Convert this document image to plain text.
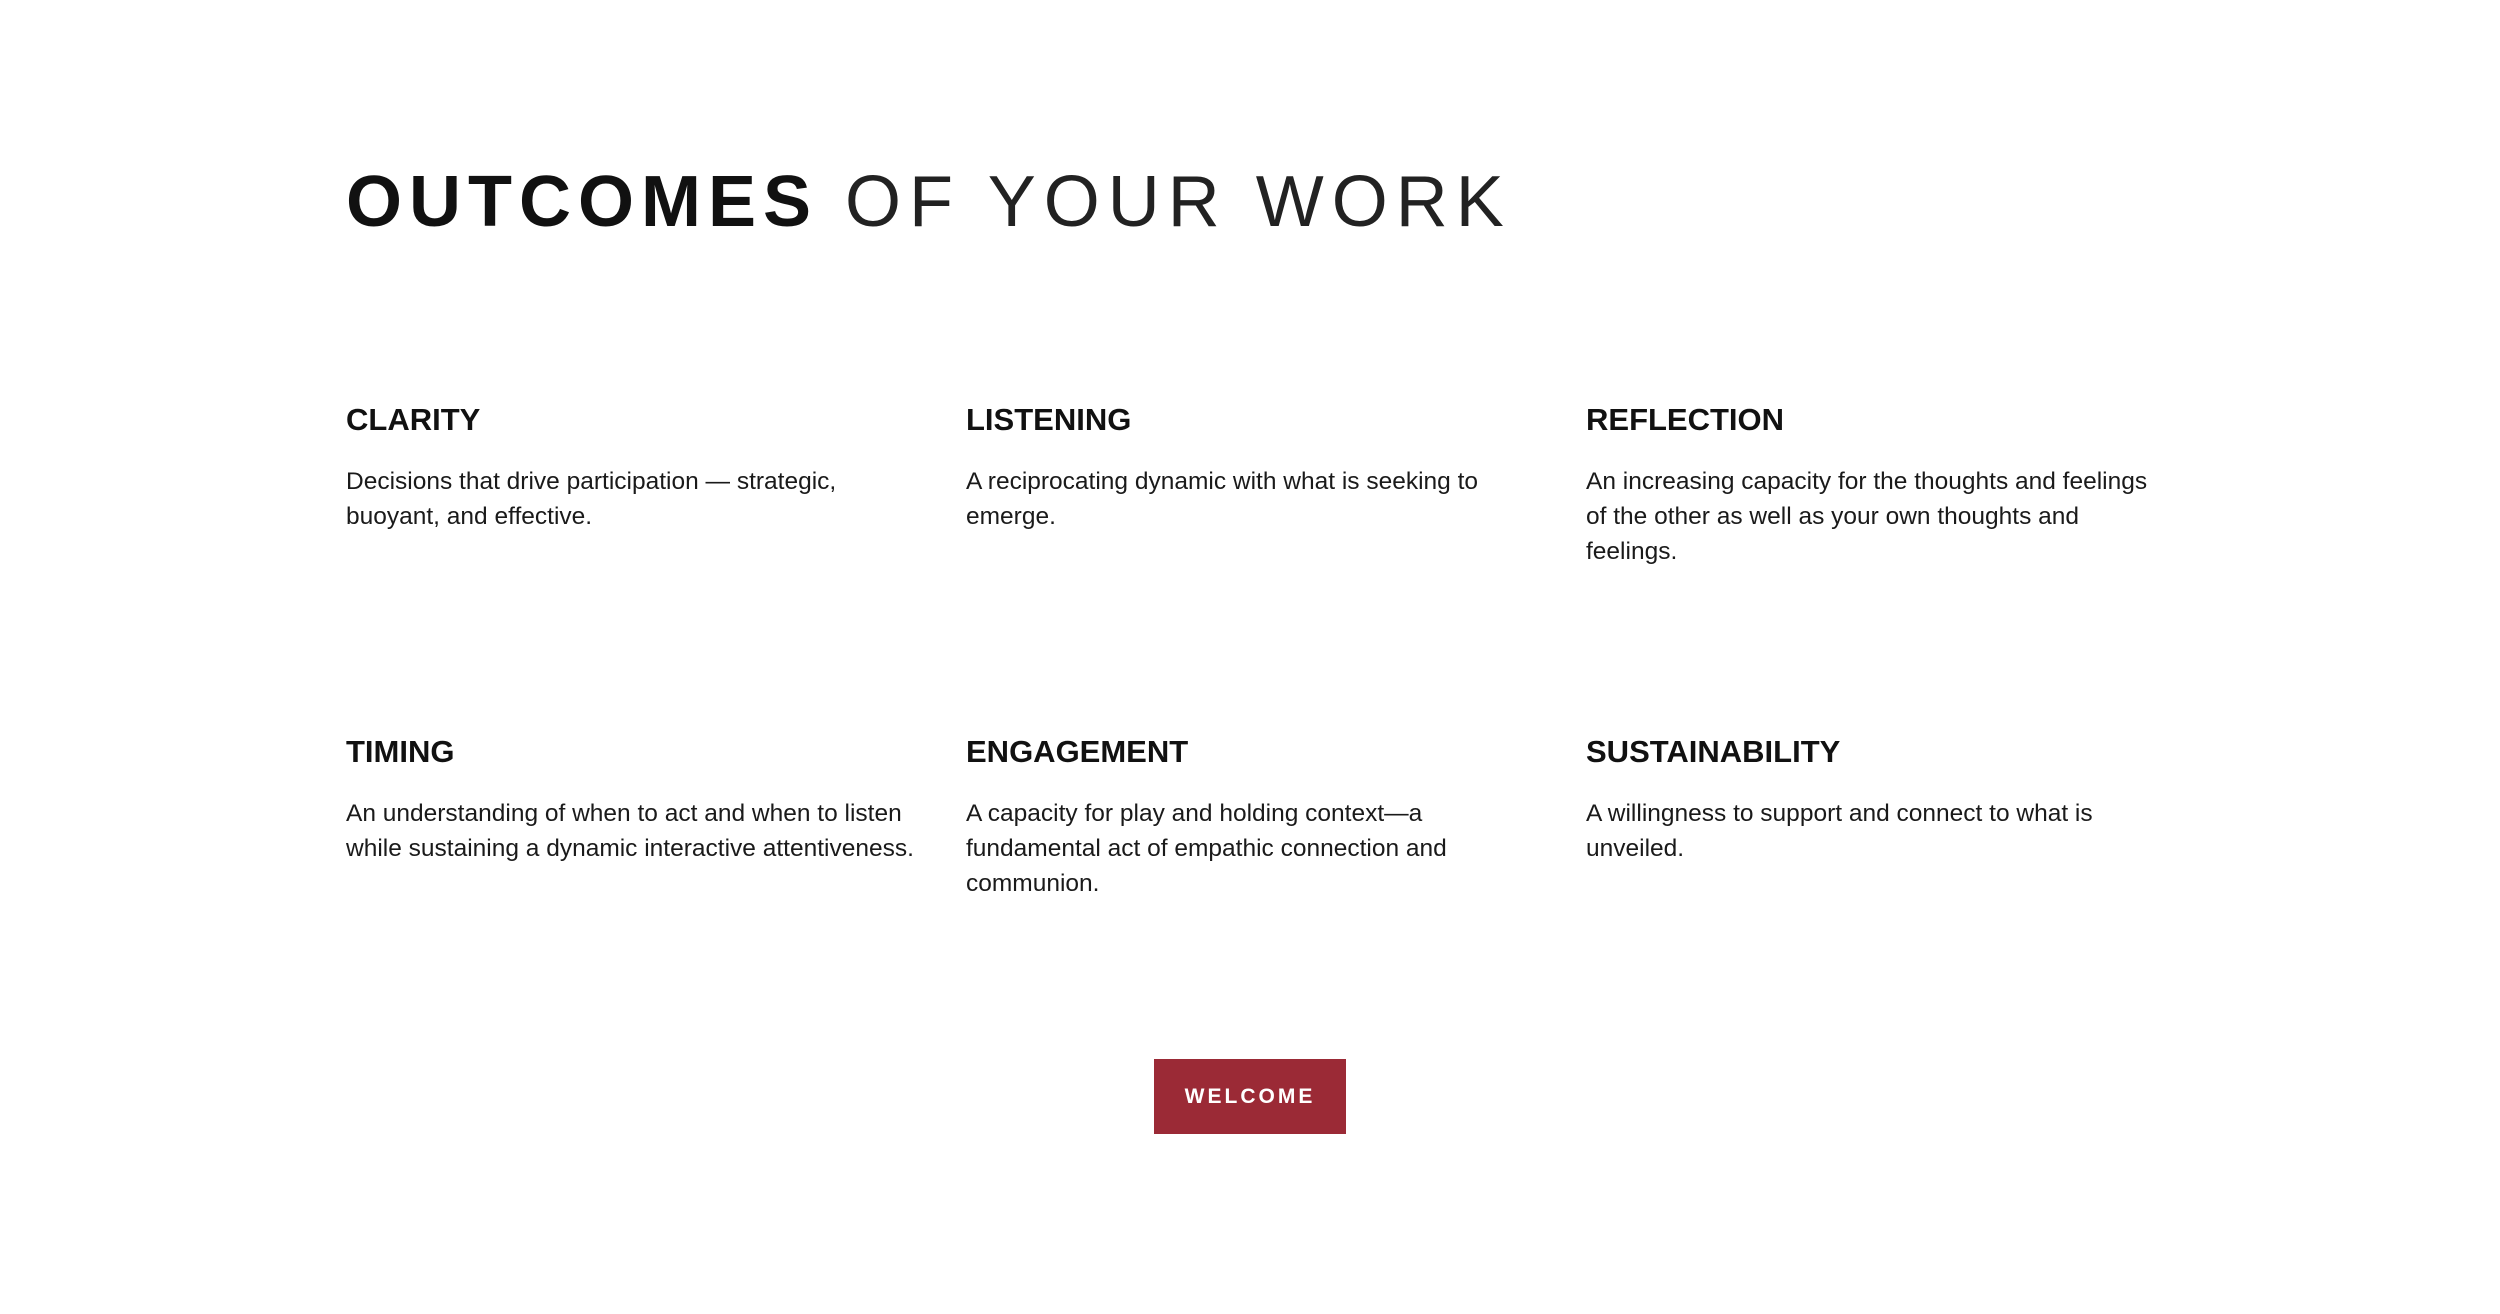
OUTCOMES OF YOUR WORK
CLARITY

Decisions that drive participation — strategic, buoyant, and effective.

LISTENING

A reciprocating dynamic with what is seeking to emerge.

REFLECTION

An increasing capacity for the thoughts and feelings of the other as well as your own thoughts and feelings.

TIMING

An understanding of when to act and when to listen while sustaining a dynamic interactive attentiveness.

ENGAGEMENT

A capacity for play and holding context—a fundamental act of empathic connection and communion.

SUSTAINABILITY

A willingness to support and connect to what is unveiled.

WELCOME
